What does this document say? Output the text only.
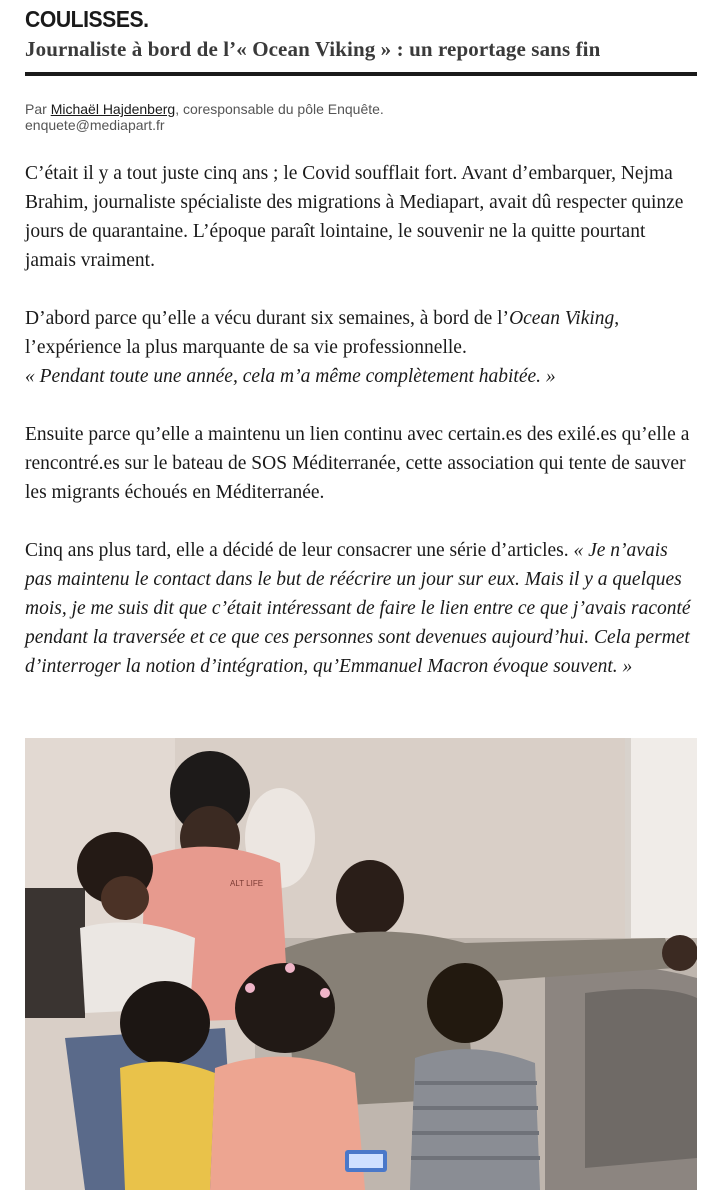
COULISSES.
Journaliste à bord de l’« Ocean Viking » : un reportage sans fin
Par Michaël Hajdenberg, coresponsable du pôle Enquête.
enquete@mediapart.fr

C’était il y a tout juste cinq ans ; le Covid soufflait fort. Avant d’embarquer, Nejma Brahim, journaliste spécialiste des migrations à Mediapart, avait dû respecter quinze jours de quarantaine. L’époque paraît lointaine, le souvenir ne la quitte pourtant jamais vraiment.

D’abord parce qu’elle a vécu durant six semaines, à bord de l’Ocean Viking, l’expérience la plus marquante de sa vie professionnelle.
« Pendant toute une année, cela m’a même complètement habitée. »

Ensuite parce qu’elle a maintenu un lien continu avec certain.es des exilé.es qu’elle a rencontré.es sur le bateau de SOS Méditerranée, cette association qui tente de sauver les migrants échoués en Méditerranée.

Cinq ans plus tard, elle a décidé de leur consacrer une série d’articles. « Je n’avais pas maintenu le contact dans le but de réécrire un jour sur eux. Mais il y a quelques mois, je me suis dit que c’était intéressant de faire le lien entre ce que j’avais raconté pendant la traversée et ce que ces personnes sont devenues aujourd’hui. Cela permet d’interroger la notion d’intégration, qu’Emmanuel Macron évoque souvent. »

ALT LIFE
